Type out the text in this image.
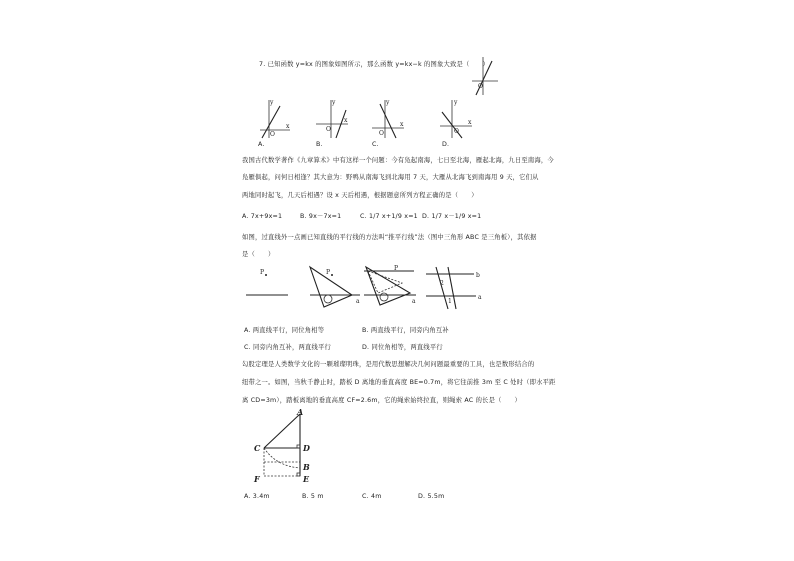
7. 已知函数 y=kx 的图象如图所示，那么函数 y=kx−k 的图象大致是（　　）
O
y
x
O
A.
y
x
O
B.
y
x
O
C.
y
x
O
D.
我国古代数学著作《九章算术》中有这样一个问题：今有凫起南海，七日至北海，雁起北海，九日至南海，今
凫雁俱起，问何日相逢？其大意为：野鸭从南海飞到北海用 7 天，大雁从北海飞到南海用 9 天，它们从
两地同时起飞，几天后相遇？设 x 天后相遇，根据题意所列方程正确的是（　　）
A. 7x+9x=1	B. 9x－7x=1	C. 1/7 x+1/9 x=1 D. 1/7 x－1/9 x=1
如图，过直线外一点画已知直线的平行线的方法叫“推平行线”法（图中三角形 ABC 是三角板），其依据
是（　　）
P	P
a
P
a
b
a
2
1
A. 两直线平行，同位角相等	B. 两直线平行，同旁内角互补
C. 同旁内角互补，两直线平行	D. 同位角相等，两直线平行
勾股定理是人类数学文化的一颗璀璨明珠，是用代数思想解决几何问题最重要的工具，也是数形结合的
纽带之一。如图，当秋千静止时，踏板 D 离地的垂直高度 BE=0.7m，将它往前推 3m 至 C 处时（即水平距
离 CD=3m），踏板离地的垂直高度 CF=2.6m，它的绳索始终拉直，则绳索 AC 的长是（　　）
A
C	D
B
E
F
A. 3.4m	B. 5 m	C. 4m	D. 5.5m
